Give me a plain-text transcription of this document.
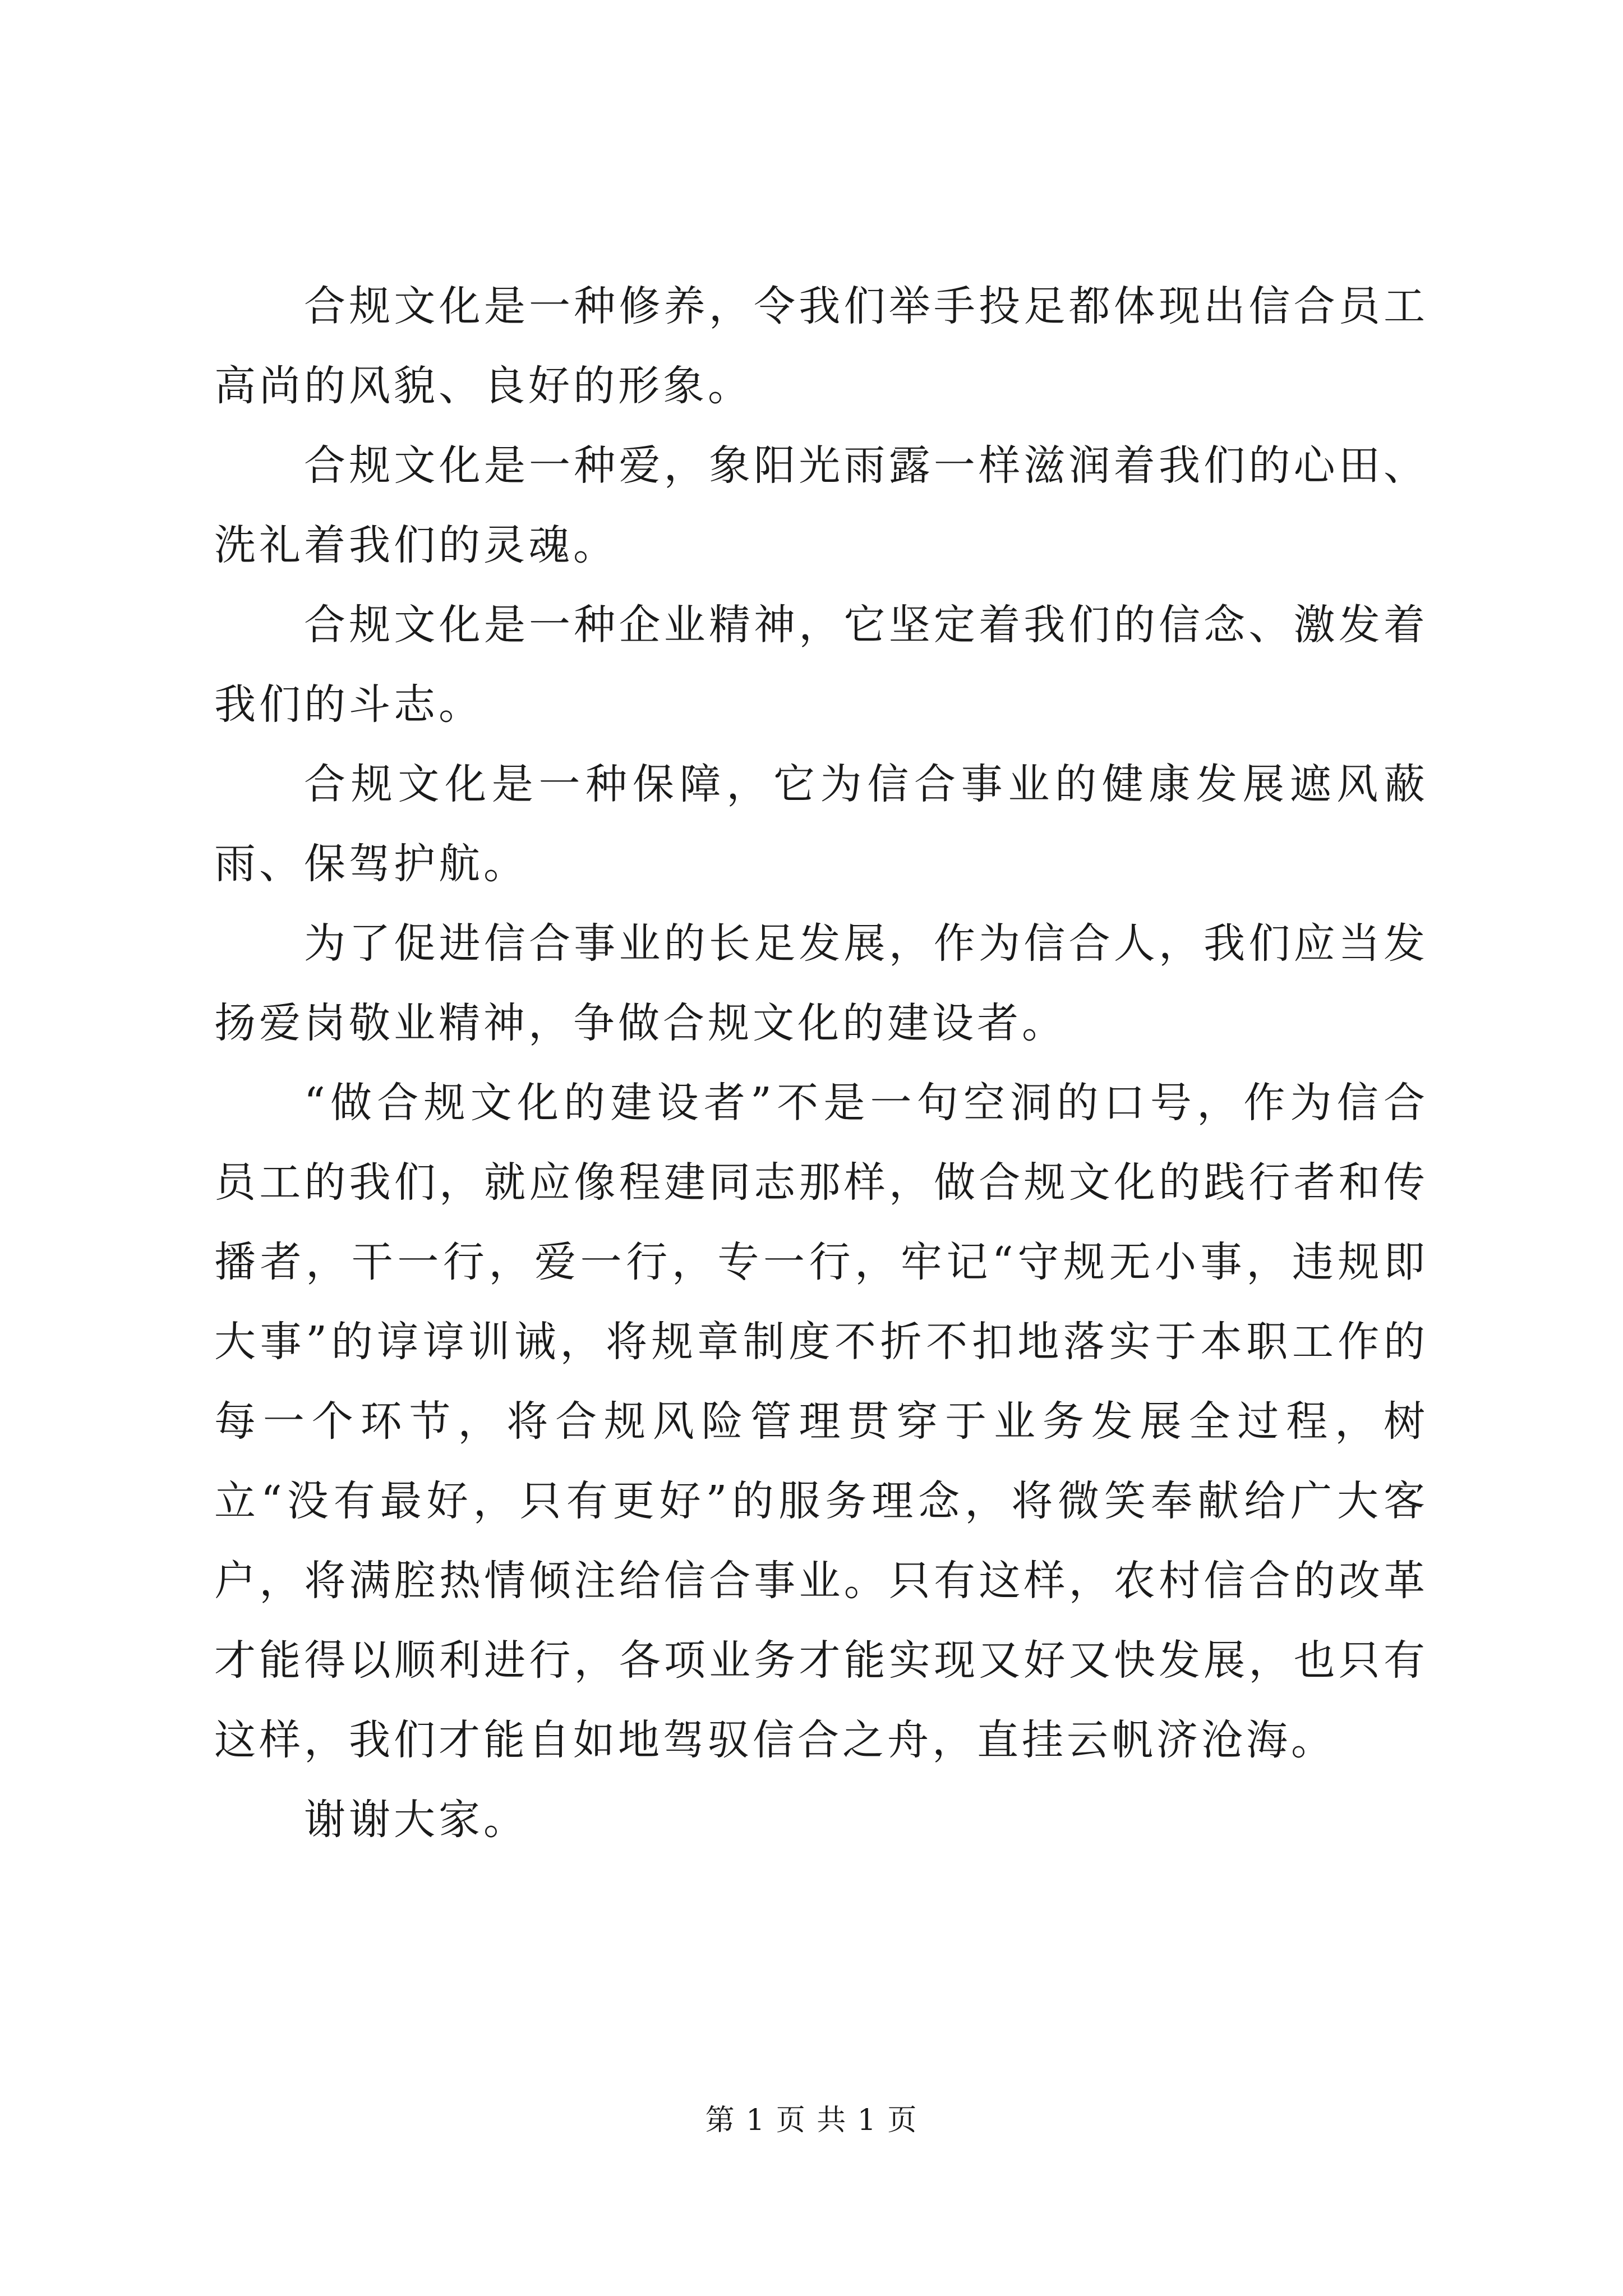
合规文化是一种修养，令我们举手投足都体现出信合员工高尚的风貌、良好的形象。

合规文化是一种爱，象阳光雨露一样滋润着我们的心田、洗礼着我们的灵魂。

合规文化是一种企业精神，它坚定着我们的信念、激发着我们的斗志。

合规文化是一种保障，它为信合事业的健康发展遮风蔽雨、保驾护航。

为了促进信合事业的长足发展，作为信合人，我们应当发扬爱岗敬业精神，争做合规文化的建设者。

“做合规文化的建设者”不是一句空洞的口号，作为信合员工的我们，就应像程建同志那样，做合规文化的践行者和传播者，干一行，爱一行，专一行，牢记“守规无小事，违规即大事”的谆谆训诫，将规章制度不折不扣地落实于本职工作的每一个环节，将合规风险管理贯穿于业务发展全过程，树立“没有最好，只有更好”的服务理念，将微笑奉献给广大客户，将满腔热情倾注给信合事业。只有这样，农村信合的改革才能得以顺利进行，各项业务才能实现又好又快发展，也只有这样，我们才能自如地驾驭信合之舟，直挂云帆济沧海。

谢谢大家。

第 1 页 共 1 页
